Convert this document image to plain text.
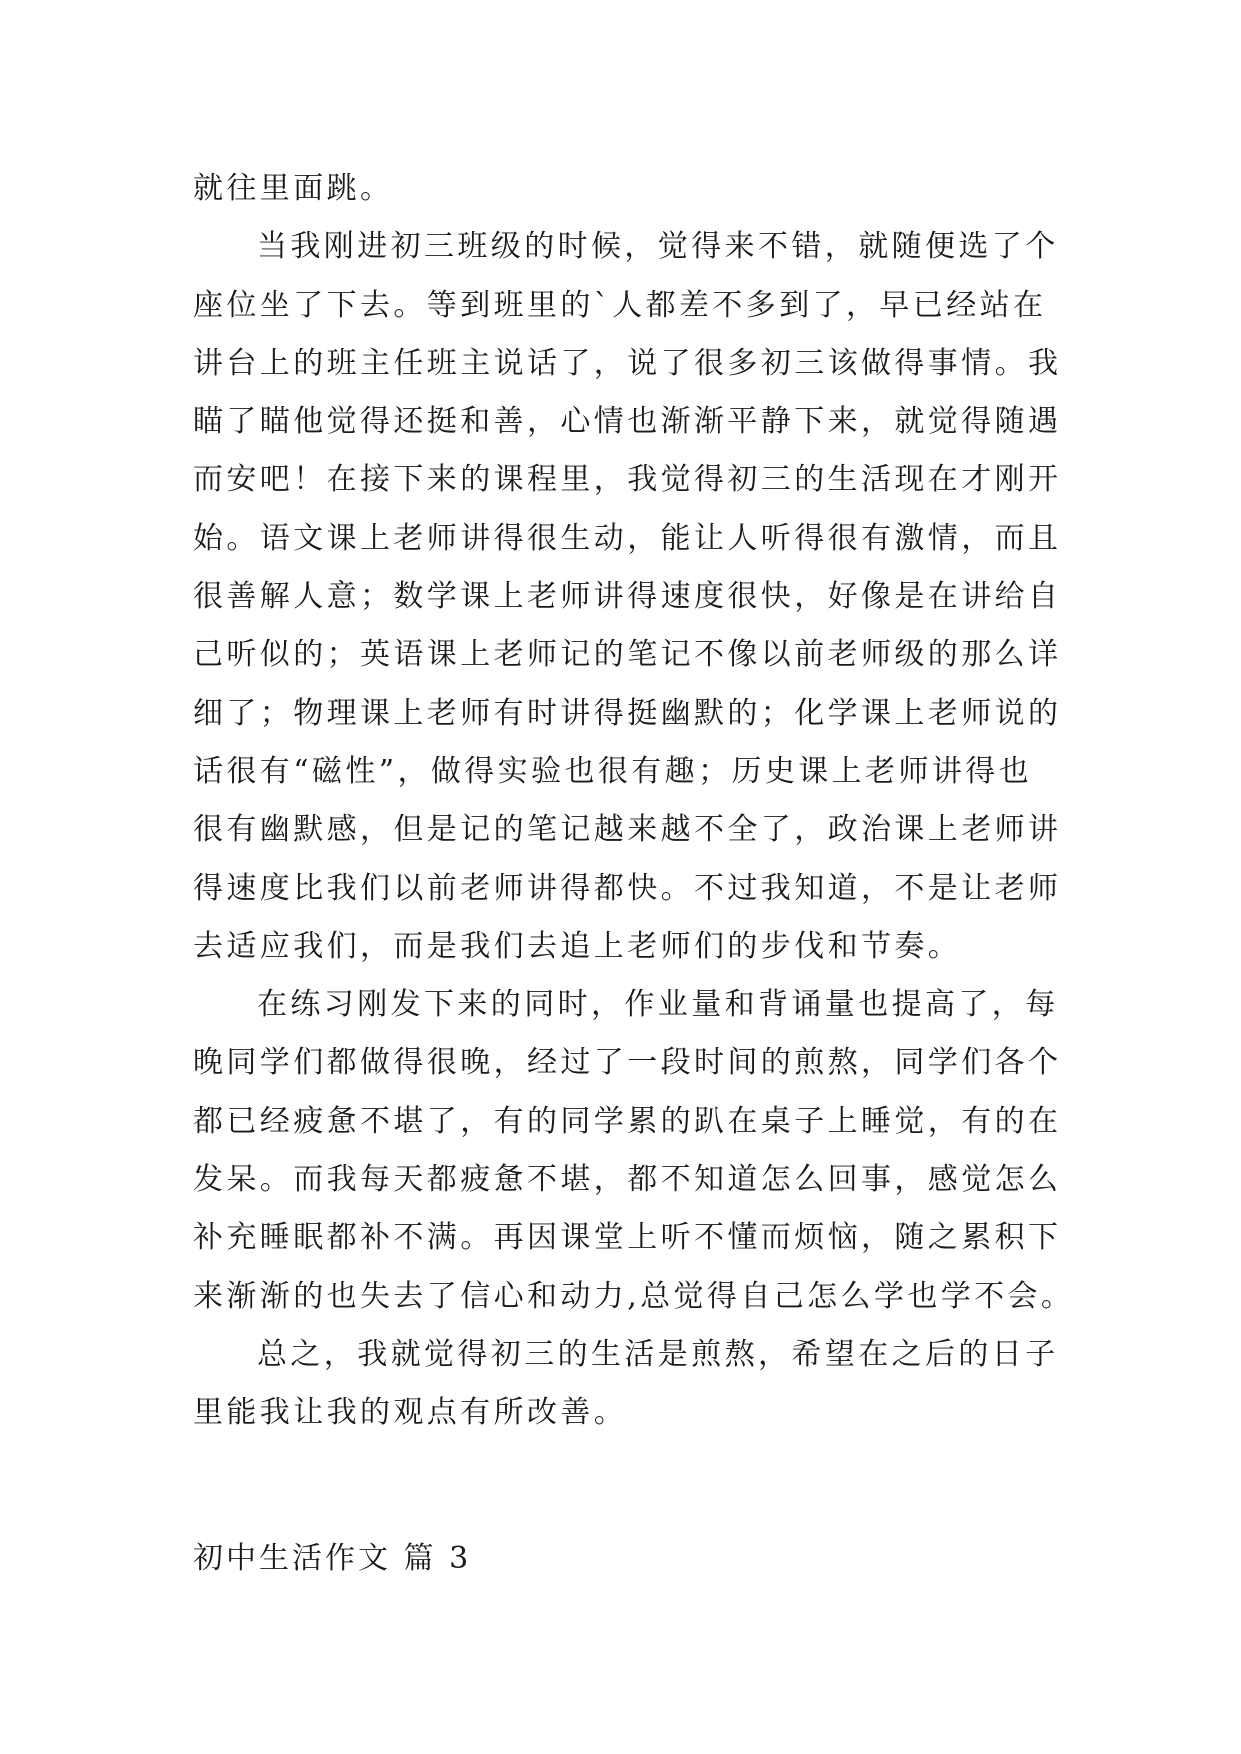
就往里面跳。
当我刚进初三班级的时候，觉得来不错，就随便选了个
座位坐了下去。等到班里的`人都差不多到了，早已经站在
讲台上的班主任班主说话了，说了很多初三该做得事情。我
瞄了瞄他觉得还挺和善，心情也渐渐平静下来，就觉得随遇
而安吧！在接下来的课程里，我觉得初三的生活现在才刚开
始。语文课上老师讲得很生动，能让人听得很有激情，而且
很善解人意；数学课上老师讲得速度很快，好像是在讲给自
己听似的；英语课上老师记的笔记不像以前老师级的那么详
细了；物理课上老师有时讲得挺幽默的；化学课上老师说的
话很有“磁性”，做得实验也很有趣；历史课上老师讲得也
很有幽默感，但是记的笔记越来越不全了，政治课上老师讲
得速度比我们以前老师讲得都快。不过我知道，不是让老师
去适应我们，而是我们去追上老师们的步伐和节奏。
在练习刚发下来的同时，作业量和背诵量也提高了，每
晚同学们都做得很晚，经过了一段时间的煎熬，同学们各个
都已经疲惫不堪了，有的同学累的趴在桌子上睡觉，有的在
发呆。而我每天都疲惫不堪，都不知道怎么回事，感觉怎么
补充睡眠都补不满。再因课堂上听不懂而烦恼，随之累积下
来渐渐的也失去了信心和动力,总觉得自己怎么学也学不会。
总之，我就觉得初三的生活是煎熬，希望在之后的日子
里能我让我的观点有所改善。
初中生活作文 篇 3
